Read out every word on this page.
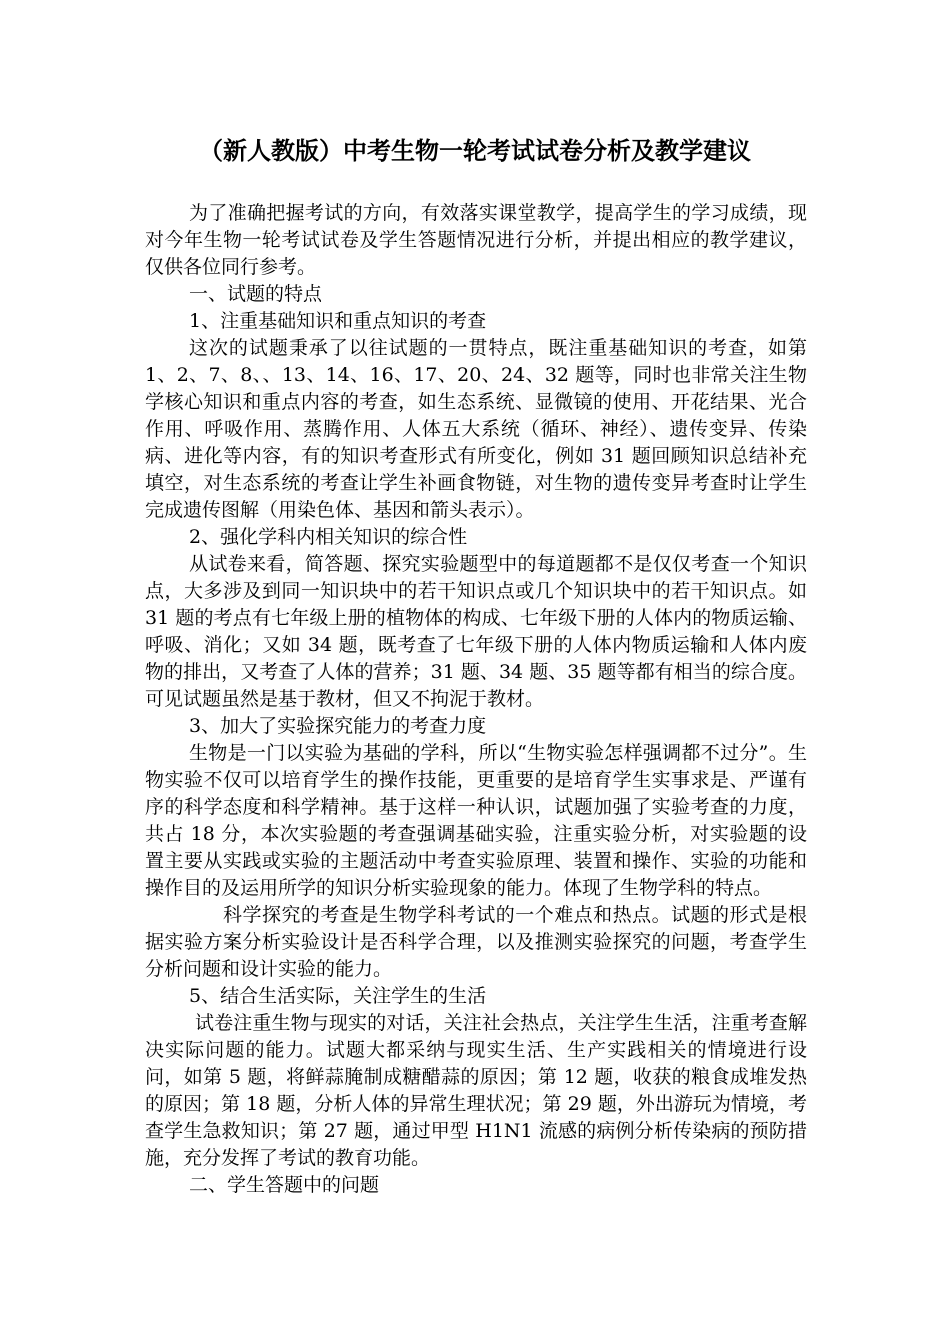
（新人教版）中考生物一轮考试试卷分析及教学建议

为了准确把握考试的方向，有效落实课堂教学，提高学生的学习成绩，现对今年生物一轮考试试卷及学生答题情况进行分析，并提出相应的教学建议，仅供各位同行参考。

一、试题的特点

1、注重基础知识和重点知识的考查

这次的试题秉承了以往试题的一贯特点，既注重基础知识的考查，如第 1、2、7、8、、13、14、16、17、20、24、32 题等，同时也非常关注生物学核心知识和重点内容的考查，如生态系统、显微镜的使用、开花结果、光合作用、呼吸作用、蒸腾作用、人体五大系统（循环、神经）、遗传变异、传染病、进化等内容，有的知识考查形式有所变化，例如 31 题回顾知识总结补充填空，对生态系统的考查让学生补画食物链，对生物的遗传变异考查时让学生完成遗传图解（用染色体、基因和箭头表示）。

2、强化学科内相关知识的综合性

从试卷来看，简答题、探究实验题型中的每道题都不是仅仅考查一个知识点，大多涉及到同一知识块中的若干知识点或几个知识块中的若干知识点。如 31 题的考点有七年级上册的植物体的构成、七年级下册的人体内的物质运输、呼吸、消化；又如 34 题，既考查了七年级下册的人体内物质运输和人体内废物的排出，又考查了人体的营养；31 题、34 题、35 题等都有相当的综合度。可见试题虽然是基于教材，但又不拘泥于教材。

3、加大了实验探究能力的考查力度

生物是一门以实验为基础的学科，所以“生物实验怎样强调都不过分”。生物实验不仅可以培育学生的操作技能，更重要的是培育学生实事求是、严谨有序的科学态度和科学精神。基于这样一种认识，试题加强了实验考查的力度，共占 18 分，本次实验题的考查强调基础实验，注重实验分析，对实验题的设置主要从实践或实验的主题活动中考查实验原理、装置和操作、实验的功能和操作目的及运用所学的知识分析实验现象的能力。体现了生物学科的特点。

科学探究的考查是生物学科考试的一个难点和热点。试题的形式是根据实验方案分析实验设计是否科学合理，以及推测实验探究的问题，考查学生分析问题和设计实验的能力。

5、结合生活实际，关注学生的生活

试卷注重生物与现实的对话，关注社会热点，关注学生生活，注重考查解决实际问题的能力。试题大都采纳与现实生活、生产实践相关的情境进行设问，如第 5 题，将鲜蒜腌制成糖醋蒜的原因；第 12 题，收获的粮食成堆发热的原因；第 18 题，分析人体的异常生理状况；第 29 题，外出游玩为情境，考查学生急救知识；第 27 题，通过甲型 H1N1 流感的病例分析传染病的预防措施，充分发挥了考试的教育功能。

二、学生答题中的问题
